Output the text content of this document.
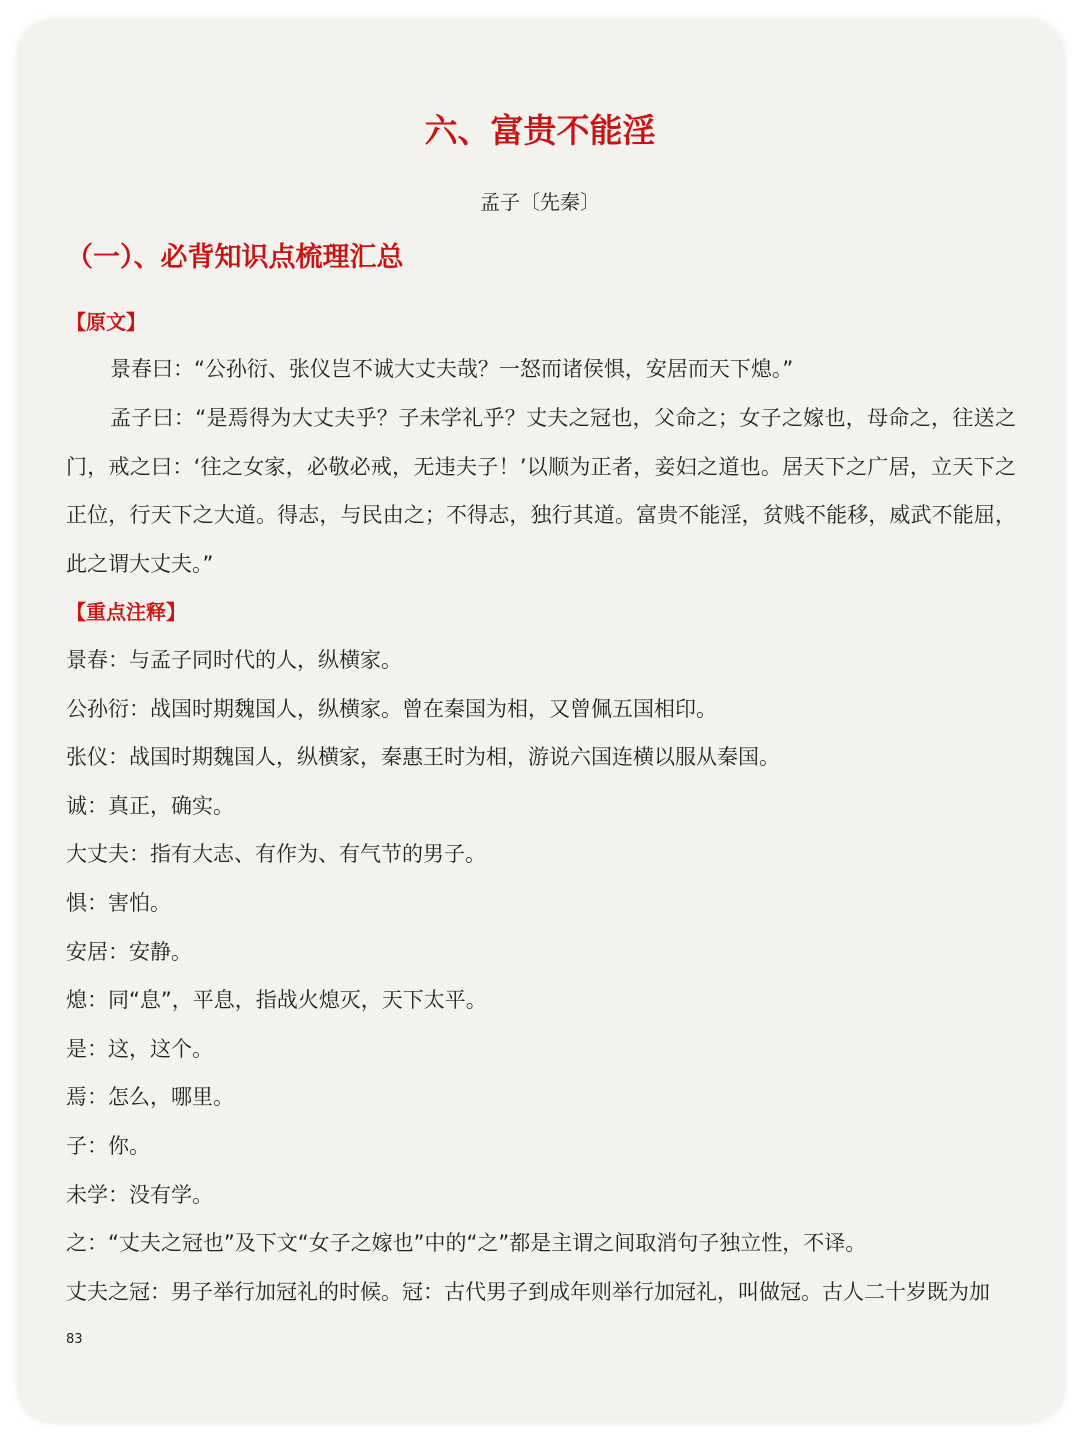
六、富贵不能淫
孟子〔先秦〕
（一）、必背知识点梳理汇总
【原文】

景春曰：“公孙衍、张仪岂不诚大丈夫哉？一怒而诸侯惧，安居而天下熄。”

孟子曰：“是焉得为大丈夫乎？子未学礼乎？丈夫之冠也，父命之；女子之嫁也，母命之，往送之门，戒之曰：‘往之女家，必敬必戒，无违夫子！’以顺为正者，妾妇之道也。居天下之广居，立天下之正位，行天下之大道。得志，与民由之；不得志，独行其道。富贵不能淫，贫贱不能移，威武不能屈，此之谓大丈夫。”

【重点注释】
景春：与孟子同时代的人，纵横家。
公孙衍：战国时期魏国人，纵横家。曾在秦国为相，又曾佩五国相印。
张仪：战国时期魏国人，纵横家，秦惠王时为相，游说六国连横以服从秦国。
诚：真正，确实。
大丈夫：指有大志、有作为、有气节的男子。
惧：害怕。
安居：安静。
熄：同“息”，平息，指战火熄灭，天下太平。
是：这，这个。
焉：怎么，哪里。
子：你。
未学：没有学。
之：“丈夫之冠也”及下文“女子之嫁也”中的“之”都是主谓之间取消句子独立性，不译。
丈夫之冠：男子举行加冠礼的时候。冠：古代男子到成年则举行加冠礼，叫做冠。古人二十岁既为加
83
